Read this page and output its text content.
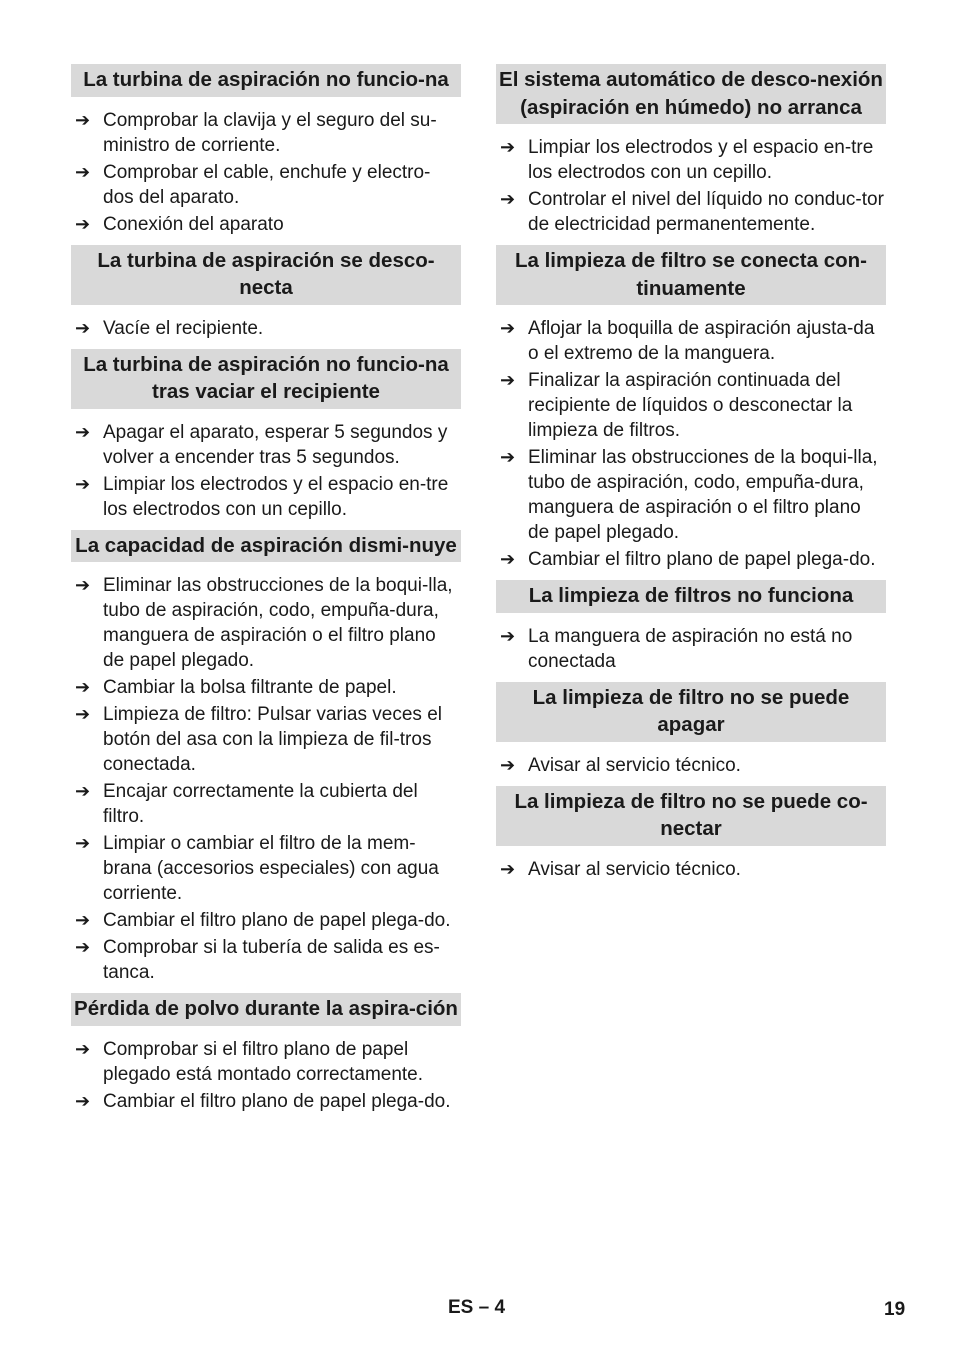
La turbina de aspiración no funcio-na
➔ Comprobar la clavija y el seguro del su-ministro de corriente.
➔ Comprobar el cable, enchufe y electro-dos del aparato.
➔ Conexión del aparato
La turbina de aspiración se desco-necta
➔ Vacíe el recipiente.
La turbina de aspiración no funcio-na tras vaciar el recipiente
➔ Apagar el aparato, esperar 5 segundos y volver a encender tras 5 segundos.
➔ Limpiar los electrodos y el espacio en-tre los electrodos con un cepillo.
La capacidad de aspiración dismi-nuye
➔ Eliminar las obstrucciones de la boqui-lla, tubo de aspiración, codo, empuña-dura, manguera de aspiración o el filtro plano de papel plegado.
➔ Cambiar la bolsa filtrante de papel.
➔ Limpieza de filtro: Pulsar varias veces el botón del asa con la limpieza de fil-tros conectada.
➔ Encajar correctamente la cubierta del filtro.
➔ Limpiar o cambiar el filtro de la mem-brana (accesorios especiales) con agua corriente.
➔ Cambiar el filtro plano de papel plega-do.
➔ Comprobar si la tubería de salida es es-tanca.
Pérdida de polvo durante la aspira-ción
➔ Comprobar si el filtro plano de papel plegado está montado correctamente.
➔ Cambiar el filtro plano de papel plega-do.
El sistema automático de desco-nexión (aspiración en húmedo) no arranca
➔ Limpiar los electrodos y el espacio en-tre los electrodos con un cepillo.
➔ Controlar el nivel del líquido no conduc-tor de electricidad permanentemente.
La limpieza de filtro se conecta con-tinuamente
➔ Aflojar la boquilla de aspiración ajusta-da o el extremo de la manguera.
➔ Finalizar la aspiración continuada del recipiente de líquidos o desconectar la limpieza de filtros.
➔ Eliminar las obstrucciones de la boqui-lla, tubo de aspiración, codo, empuña-dura, manguera de aspiración o el filtro plano de papel plegado.
➔ Cambiar el filtro plano de papel plega-do.
La limpieza de filtros no funciona
➔ La manguera de aspiración no está no conectada
La limpieza de filtro no se puede apagar
➔ Avisar al servicio técnico.
La limpieza de filtro no se puede co-nectar
➔ Avisar al servicio técnico.
ES – 4	19
